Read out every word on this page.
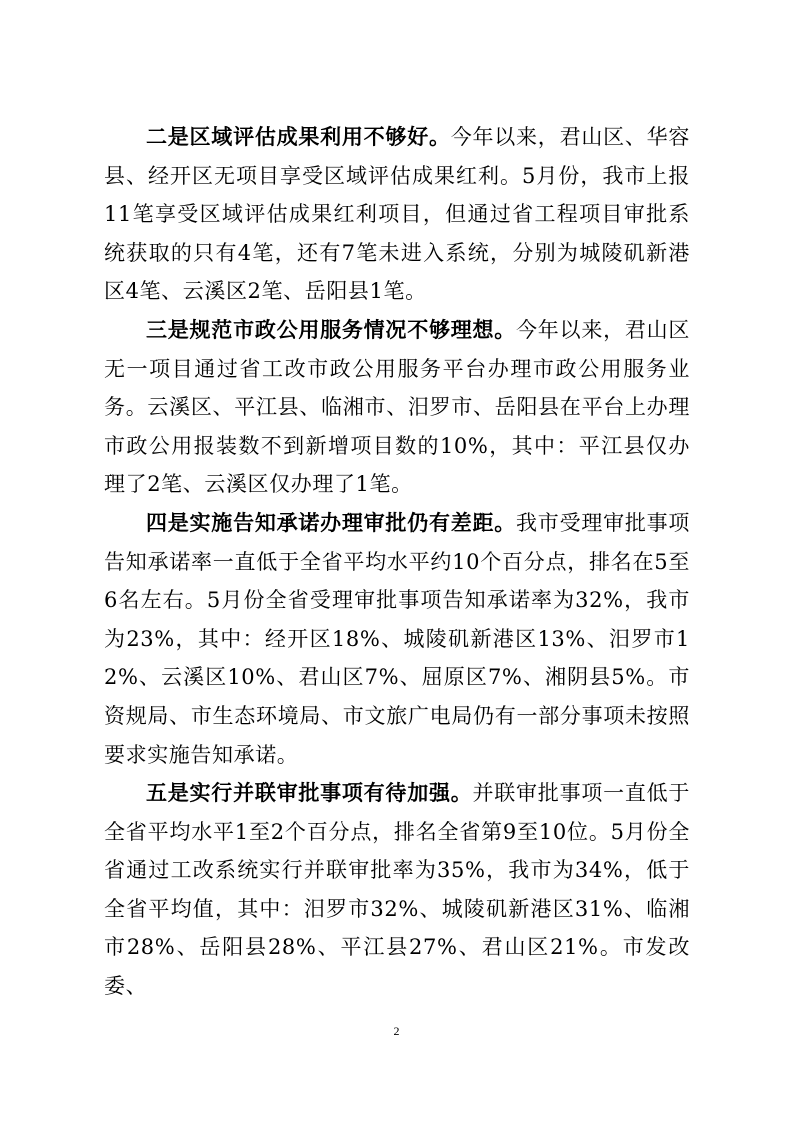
二是区域评估成果利用不够好。今年以来，君山区、华容县、经开区无项目享受区域评估成果红利。5月份，我市上报11笔享受区域评估成果红利项目，但通过省工程项目审批系统获取的只有4笔，还有7笔未进入系统，分别为城陵矶新港区4笔、云溪区2笔、岳阳县1笔。

三是规范市政公用服务情况不够理想。今年以来，君山区无一项目通过省工改市政公用服务平台办理市政公用服务业务。云溪区、平江县、临湘市、汨罗市、岳阳县在平台上办理市政公用报装数不到新增项目数的10%，其中：平江县仅办理了2笔、云溪区仅办理了1笔。

四是实施告知承诺办理审批仍有差距。我市受理审批事项告知承诺率一直低于全省平均水平约10个百分点，排名在5至6名左右。5月份全省受理审批事项告知承诺率为32%，我市为23%，其中：经开区18%、城陵矶新港区13%、汨罗市12%、云溪区10%、君山区7%、屈原区7%、湘阴县5%。市资规局、市生态环境局、市文旅广电局仍有一部分事项未按照要求实施告知承诺。

五是实行并联审批事项有待加强。并联审批事项一直低于全省平均水平1至2个百分点，排名全省第9至10位。5月份全省通过工改系统实行并联审批率为35%，我市为34%，低于全省平均值，其中：汨罗市32%、城陵矶新港区31%、临湘市28%、岳阳县28%、平江县27%、君山区21%。市发改委、

2
